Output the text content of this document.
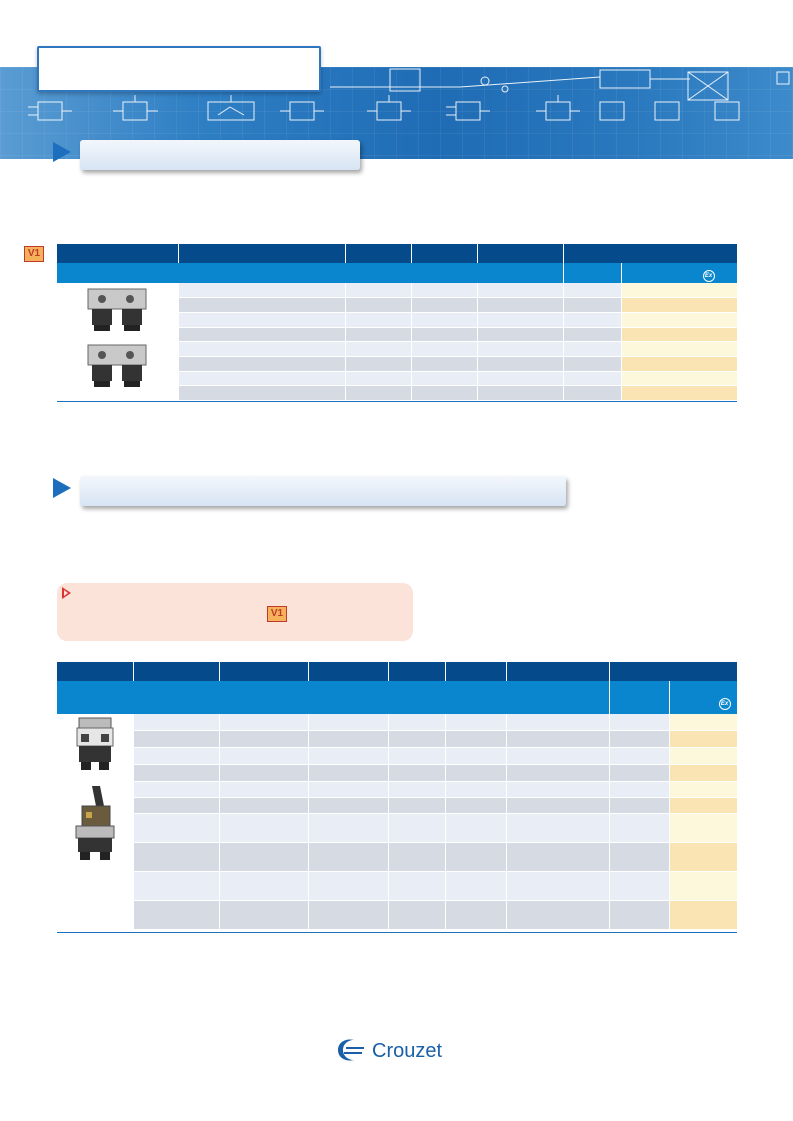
V1

						Ex

V1

								Ex

Crouzet
